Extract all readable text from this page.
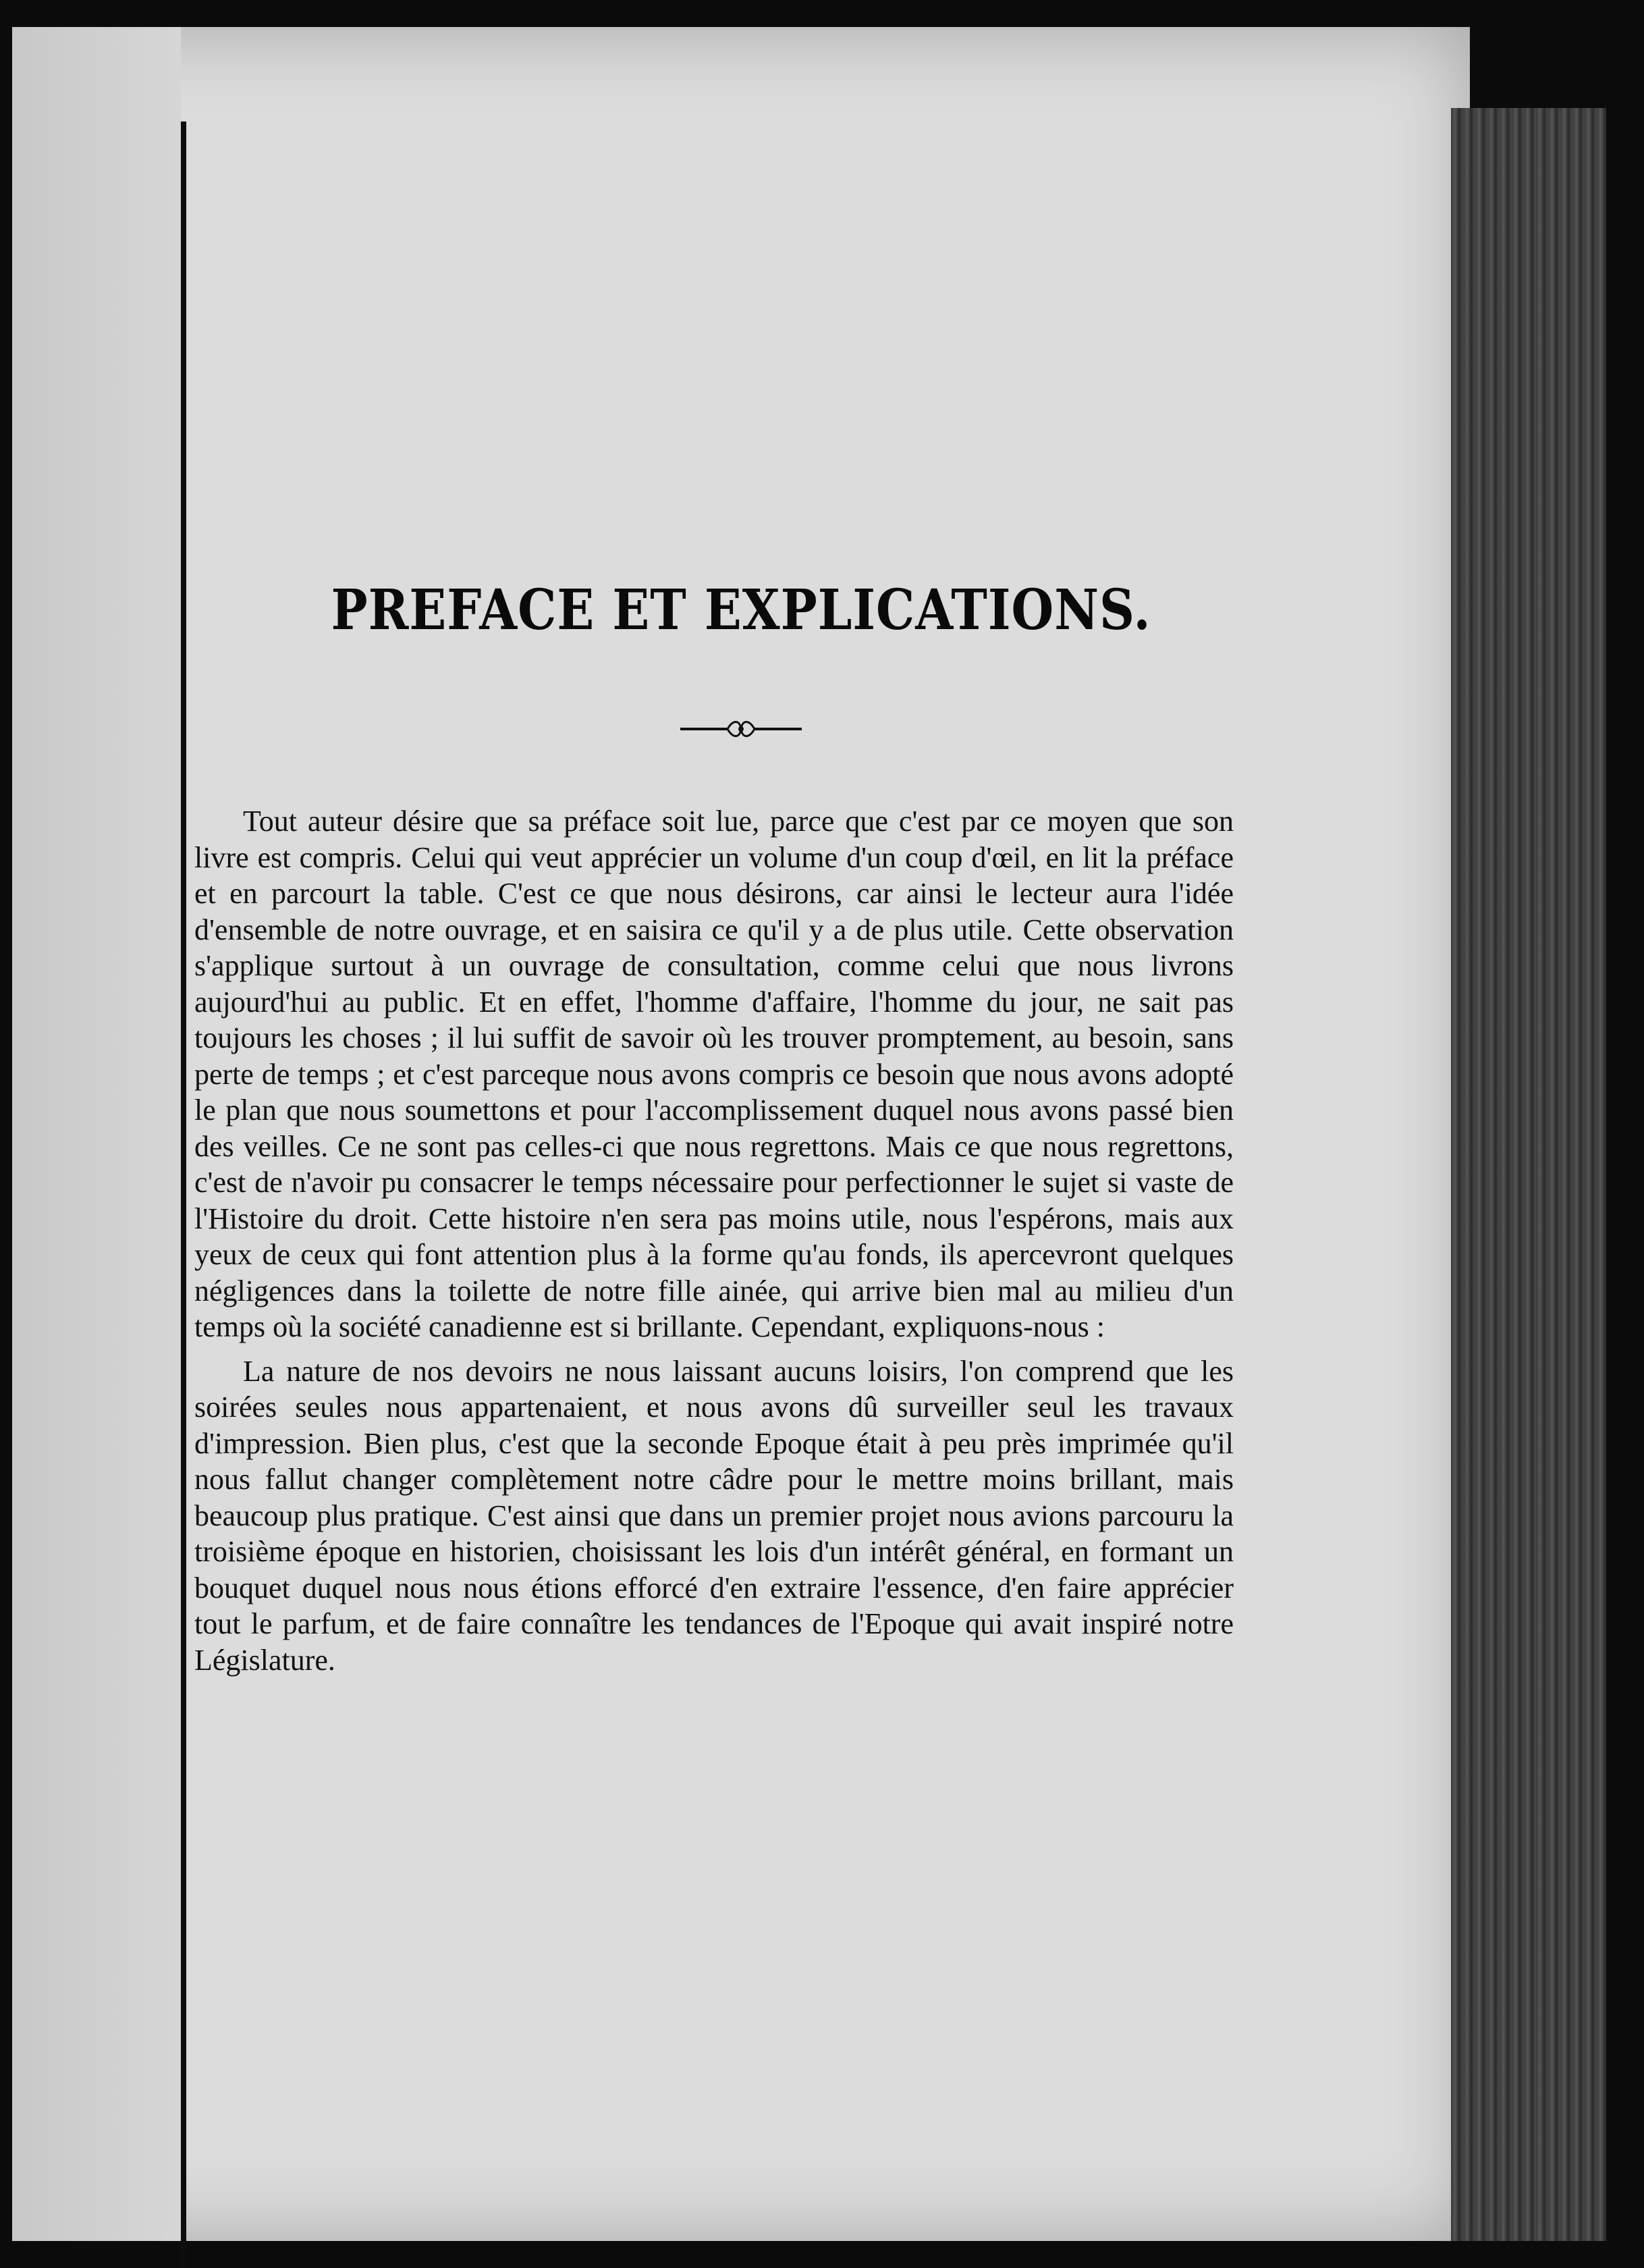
PREFACE ET EXPLICATIONS.

Tout auteur désire que sa préface soit lue, parce que c'est par ce moyen que son livre est compris. Celui qui veut apprécier un volume d'un coup d'œil, en lit la préface et en parcourt la table. C'est ce que nous désirons, car ainsi le lecteur aura l'idée d'ensemble de notre ouvrage, et en saisira ce qu'il y a de plus utile. Cette observation s'applique surtout à un ouvrage de consultation, comme celui que nous livrons aujourd'hui au public. Et en effet, l'homme d'affaire, l'homme du jour, ne sait pas toujours les choses ; il lui suffit de savoir où les trouver promptement, au besoin, sans perte de temps ; et c'est parceque nous avons compris ce besoin que nous avons adopté le plan que nous soumettons et pour l'accomplissement duquel nous avons passé bien des veilles. Ce ne sont pas celles-ci que nous regrettons. Mais ce que nous regrettons, c'est de n'avoir pu consacrer le temps nécessaire pour perfectionner le sujet si vaste de l'Histoire du droit. Cette histoire n'en sera pas moins utile, nous l'espérons, mais aux yeux de ceux qui font attention plus à la forme qu'au fonds, ils apercevront quelques négligences dans la toilette de notre fille ainée, qui arrive bien mal au milieu d'un temps où la société canadienne est si brillante. Cependant, expliquons-nous :

La nature de nos devoirs ne nous laissant aucuns loisirs, l'on comprend que les soirées seules nous appartenaient, et nous avons dû surveiller seul les travaux d'impression. Bien plus, c'est que la seconde Epoque était à peu près imprimée qu'il nous fallut changer complètement notre câdre pour le mettre moins brillant, mais beaucoup plus pratique. C'est ainsi que dans un premier projet nous avions parcouru la troisième époque en historien, choisissant les lois d'un intérêt général, en formant un bouquet duquel nous nous étions efforcé d'en extraire l'essence, d'en faire apprécier tout le parfum, et de faire connaître les tendances de l'Epoque qui avait inspiré notre Législature.
